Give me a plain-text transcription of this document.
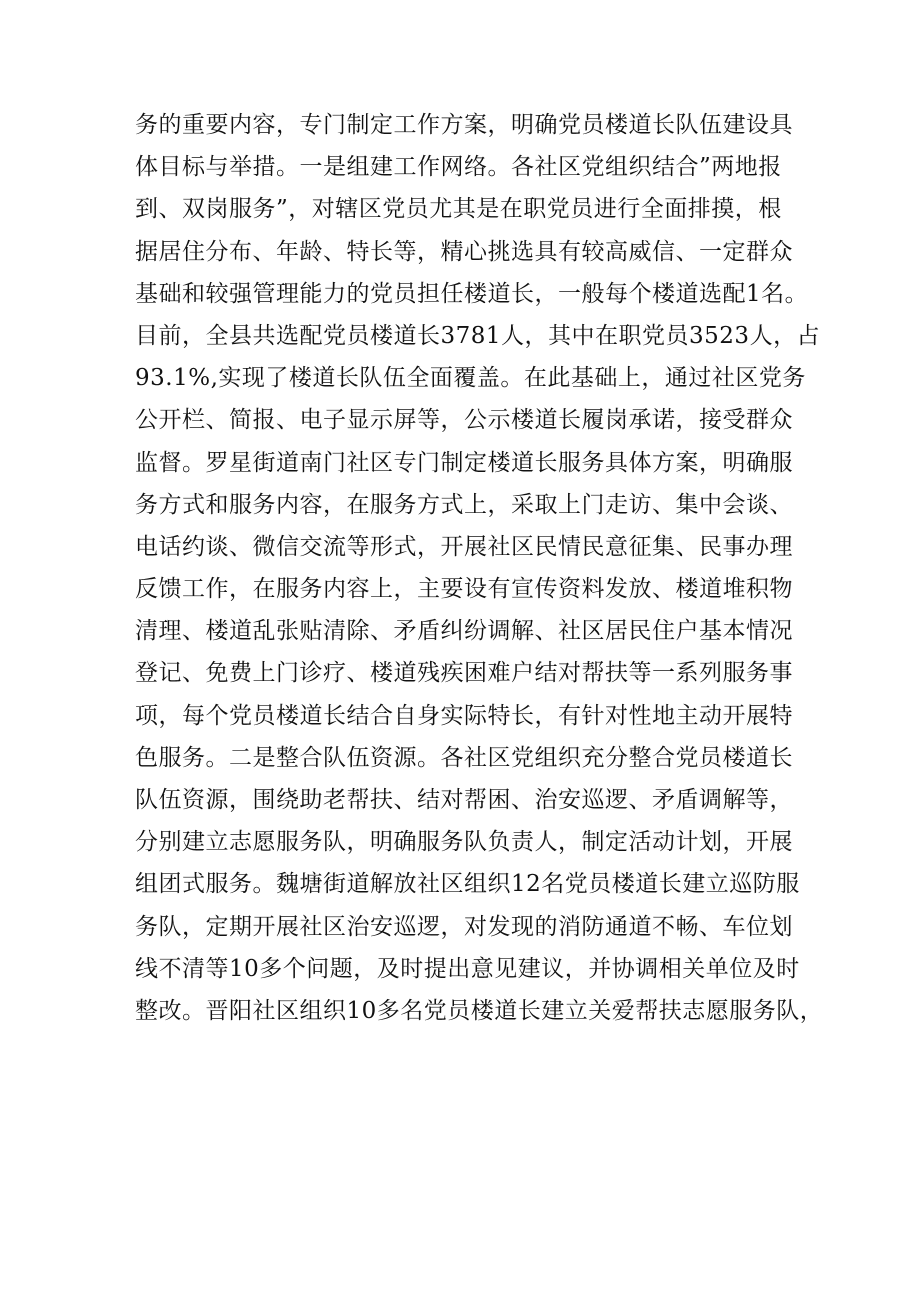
务的重要内容，专门制定工作方案，明确党员楼道长队伍建设具
体目标与举措。一是组建工作网络。各社区党组织结合”两地报
到、双岗服务”，对辖区党员尤其是在职党员进行全面排摸，根
据居住分布、年龄、特长等，精心挑选具有较高威信、一定群众
基础和较强管理能力的党员担任楼道长，一般每个楼道选配1名。
目前，全县共选配党员楼道长3781人，其中在职党员3523人，占
93.1%,实现了楼道长队伍全面覆盖。在此基础上，通过社区党务
公开栏、简报、电子显示屏等，公示楼道长履岗承诺，接受群众
监督。罗星街道南门社区专门制定楼道长服务具体方案，明确服
务方式和服务内容，在服务方式上，采取上门走访、集中会谈、
电话约谈、微信交流等形式，开展社区民情民意征集、民事办理
反馈工作，在服务内容上，主要设有宣传资料发放、楼道堆积物
清理、楼道乱张贴清除、矛盾纠纷调解、社区居民住户基本情况
登记、免费上门诊疗、楼道残疾困难户结对帮扶等一系列服务事
项，每个党员楼道长结合自身实际特长，有针对性地主动开展特
色服务。二是整合队伍资源。各社区党组织充分整合党员楼道长
队伍资源，围绕助老帮扶、结对帮困、治安巡逻、矛盾调解等，
分别建立志愿服务队，明确服务队负责人，制定活动计划，开展
组团式服务。魏塘街道解放社区组织12名党员楼道长建立巡防服
务队，定期开展社区治安巡逻，对发现的消防通道不畅、车位划
线不清等10多个问题，及时提出意见建议，并协调相关单位及时
整改。晋阳社区组织10多名党员楼道长建立关爱帮扶志愿服务队，
